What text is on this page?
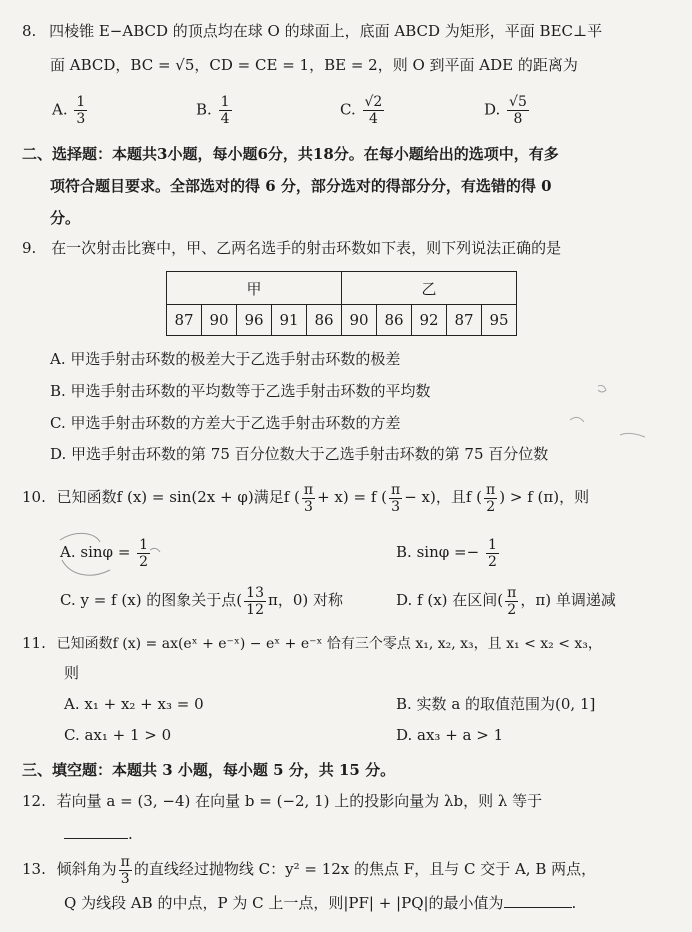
8. 四棱锥 E−ABCD 的顶点均在球 O 的球面上，底面 ABCD 为矩形，平面 BEC⊥平
面 ABCD，BC = √5，CD = CE = 1，BE = 2，则 O 到平面 ADE 的距离为
A. $\frac{1}{3}$	B. $\frac{1}{4}$	C. $\frac{√2}{4}$	D. $\frac{√5}{8}$
二、选择题：本题共3小题，每小题6分，共18分。在每小题给出的选项中，有多
项符合题目要求。全部选对的得 6 分，部分选对的得部分分，有选错的得 0
分。
9. 在一次射击比赛中，甲、乙两名选手的射击环数如下表，则下列说法正确的是
甲					乙				
87	90	96	91	86	90	86	92	87	95
A. 甲选手射击环数的极差大于乙选手射击环数的极差
B. 甲选手射击环数的平均数等于乙选手射击环数的平均数
C. 甲选手射击环数的方差大于乙选手射击环数的方差
D. 甲选手射击环数的第 75 百分位数大于乙选手射击环数的第 75 百分位数
10. 已知函数f (x) = sin(2x + φ)满足f ( $\frac{\pi}{3} + x) = f$ ( $\frac{\pi}{3} - x$)，且f ( $\frac{\pi}{2}$ ) > f (π)，则
A. $\sin\varphi = \frac{1}{2}$	B. $\sin\varphi =- \frac{1}{2}$
C. y = f (x) 的图象关于点( $\frac{13}{12}$ π，0) 对称	D. f (x) 在区间( $\frac{\pi}{2}$ ，π) 单调递减
11. 已知函数f (x) = ax(eˣ + e⁻ˣ) − eˣ + e⁻ˣ 恰有三个零点 x₁, x₂, x₃，且 x₁ < x₂ < x₃，
则
A. x₁ + x₂ + x₃ = 0	B. 实数 a 的取值范围为(0, 1]
C. ax₁ + 1 > 0	D. ax₃ + a > 1
三、填空题：本题共 3 小题，每小题 5 分，共 15 分。
12. 若向量 a = (3, −4) 在向量 b = (−2, 1) 上的投影向量为 λb，则 λ 等于
.
13. 倾斜角为 $\frac{\pi}{3}$ 的直线经过抛物线 C：y² = 12x 的焦点 F，且与 C 交于 A, B 两点，
Q 为线段 AB 的中点，P 为 C 上一点，则|PF| + |PQ|的最小值为	.
